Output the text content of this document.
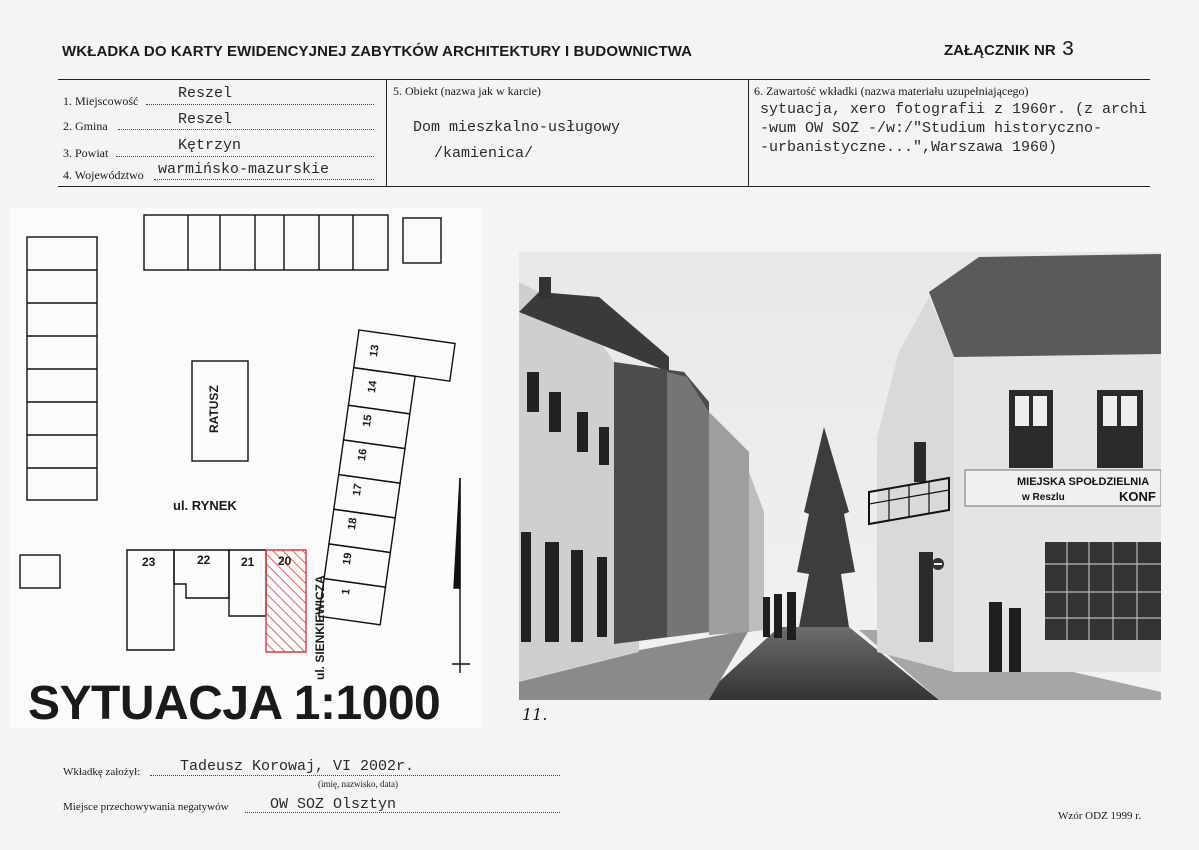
WKŁADKA DO KARTY EWIDENCYJNEJ ZABYTKÓW ARCHITEKTURY I BUDOWNICTWA	ZAŁĄCZNIK NR 3
1. Miejscowość	Reszel
2. Gmina	Reszel
3. Powiat	Kętrzyn
4. Województwo warmińsko-mazurskie
5. Obiekt (nazwa jak w karcie)
Dom mieszkalno-usługowy
/kamienica/
6. Zawartość wkładki (nazwa materiału uzupełniającego)
sytuacja, xero fotografii z 1960r. (z archi
-wum OW SOZ -/w:/"Studium historyczno-
-urbanistyczne...",Warszawa 1960)
RATUSZ
ul. RYNEK
ul. SIENKIEWICZA
23	22	21 20
13
14
15
16
17
18
19
1
SYTUACJA 1:1000
MIEJSKA SPOŁDZIELNIA
w Reszlu	KONF
11.
Wkładkę założył:	Tadeusz Korowaj, VI 2002r.
(imię, nazwisko, data)
Miejsce przechowywania negatywów	OW SOZ Olsztyn
Wzór ODZ 1999 r.
